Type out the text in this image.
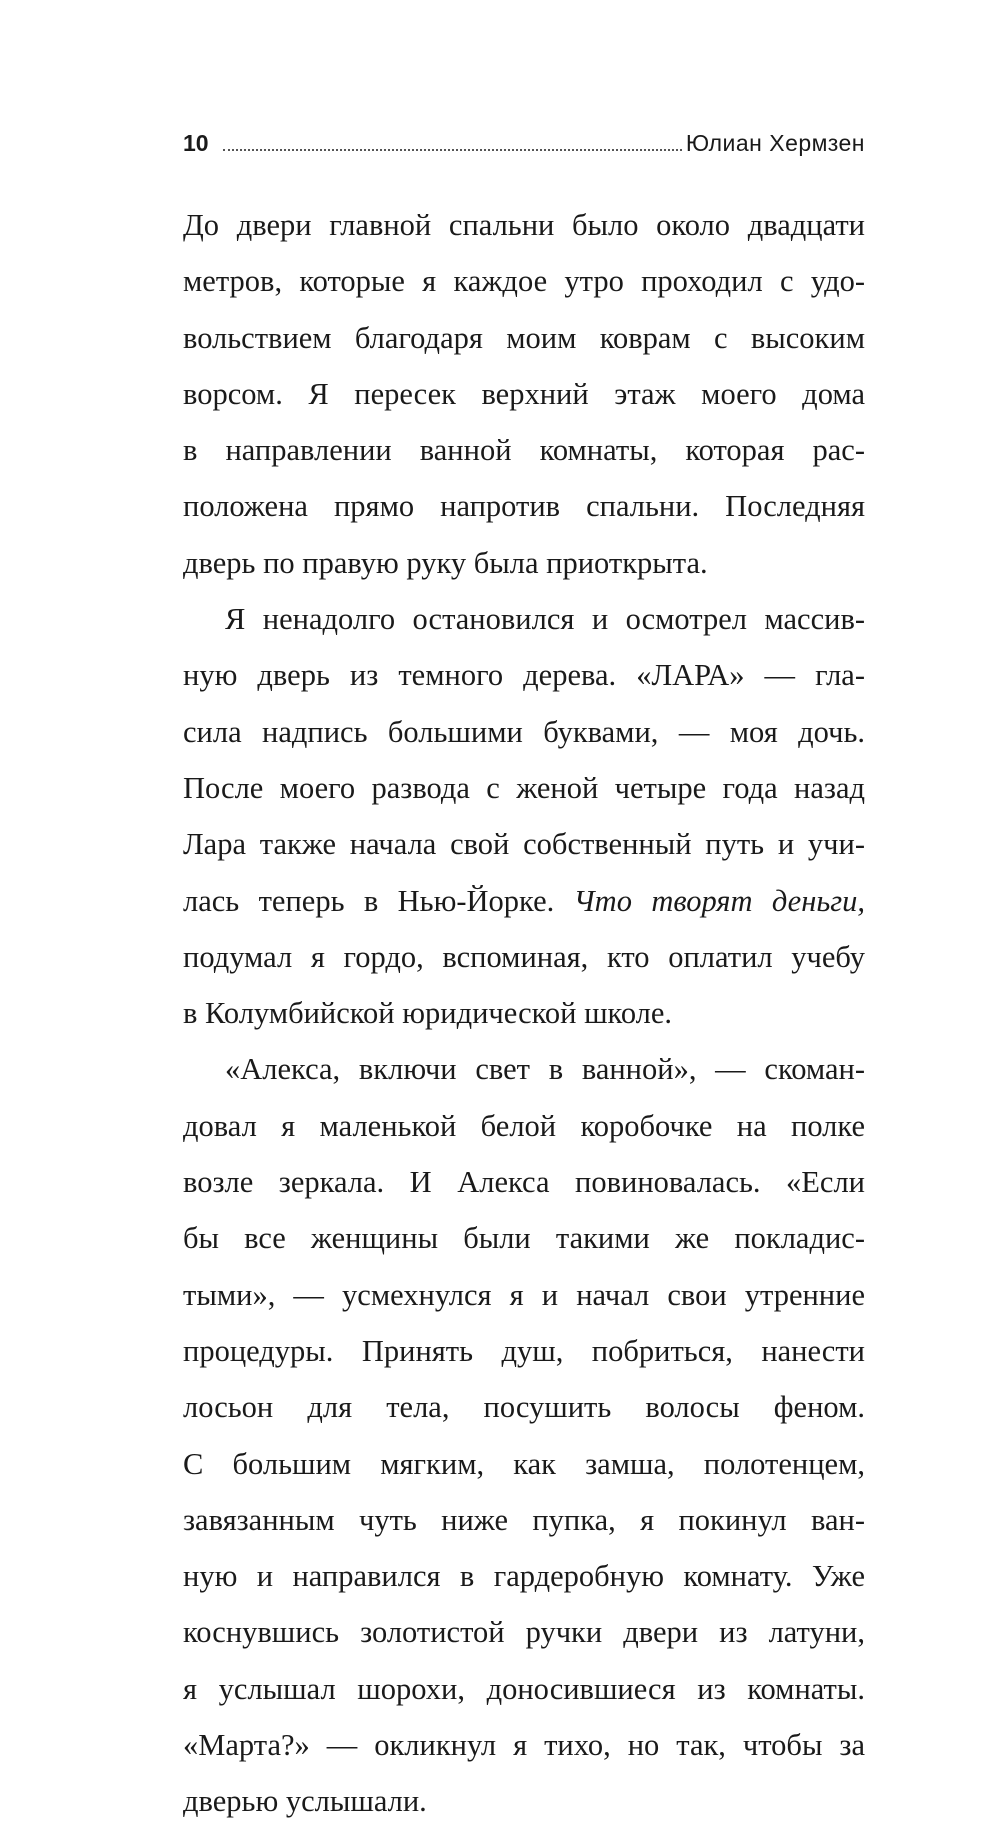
10	Юлиан Хермзен
До двери главной спальни было около двадцати
метров, которые я каждое утро проходил с удо-
вольствием благодаря моим коврам с высоким
ворсом. Я пересек верхний этаж моего дома
в направлении ванной комнаты, которая рас-
положена прямо напротив спальни. Последняя
дверь по правую руку была приоткрыта.
Я ненадолго остановился и осмотрел массив-
ную дверь из темного дерева. «ЛАРА» — гла-
сила надпись большими буквами, — моя дочь.
После моего развода с женой четыре года назад
Лара также начала свой собственный путь и учи-
лась теперь в Нью-Йорке. Что творят деньги,
подумал я гордо, вспоминая, кто оплатил учебу
в Колумбийской юридической школе.
«Алекса, включи свет в ванной», — скоман-
довал я маленькой белой коробочке на полке
возле зеркала. И Алекса повиновалась. «Если
бы все женщины были такими же покладис-
тыми», — усмехнулся я и начал свои утренние
процедуры. Принять душ, побриться, нанести
лосьон для тела, посушить волосы феном.
С большим мягким, как замша, полотенцем,
завязанным чуть ниже пупка, я покинул ван-
ную и направился в гардеробную комнату. Уже
коснувшись золотистой ручки двери из латуни,
я услышал шорохи, доносившиеся из комнаты.
«Марта?» — окликнул я тихо, но так, чтобы за
дверью услышали.
